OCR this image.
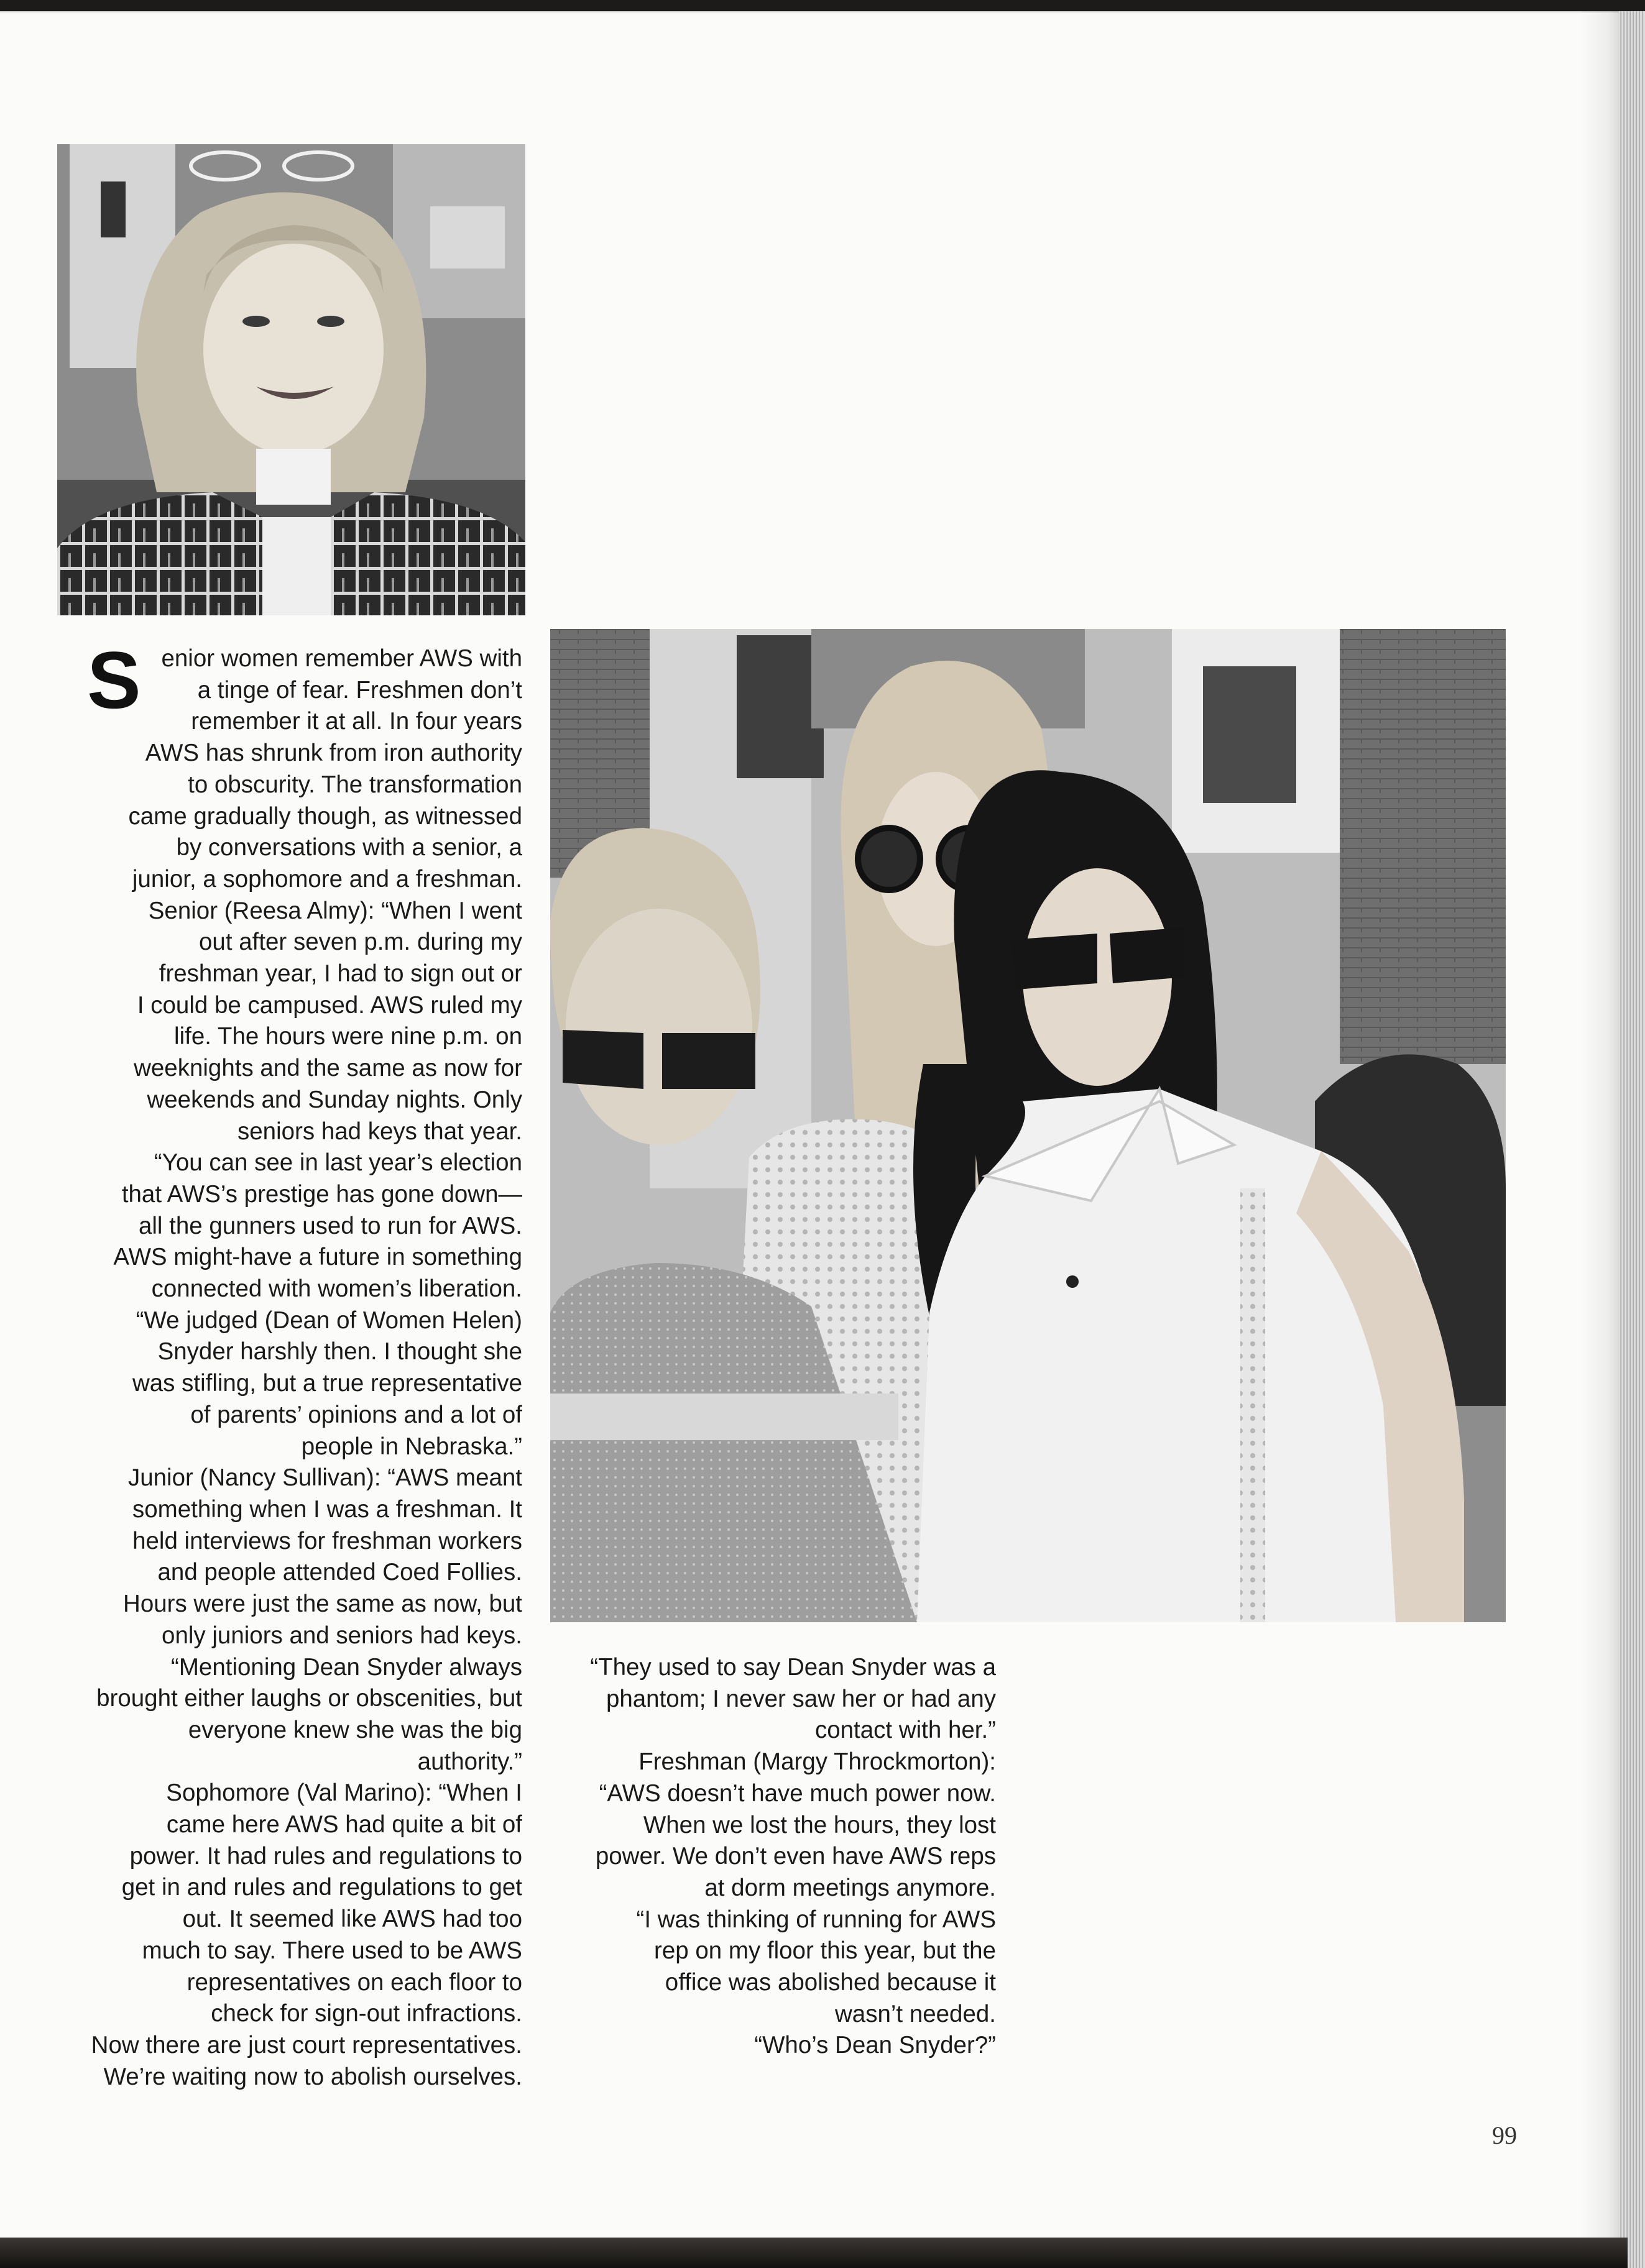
S enior women remember AWS with

a tinge of fear. Freshmen don’t

remember it at all. In four years

AWS has shrunk from iron authority

to obscurity. The transformation

came gradually though, as witnessed

by conversations with a senior, a

junior, a sophomore and a freshman.

Senior (Reesa Almy): “When I went

out after seven p.m. during my

freshman year, I had to sign out or

I could be campused. AWS ruled my

life. The hours were nine p.m. on

weeknights and the same as now for

weekends and Sunday nights. Only

seniors had keys that year.

“You can see in last year’s election

that AWS’s prestige has gone down—

all the gunners used to run for AWS.

AWS might-have a future in something

connected with women’s liberation.

“We judged (Dean of Women Helen)

Snyder harshly then. I thought she

was stifling, but a true representative

of parents’ opinions and a lot of

people in Nebraska.”

Junior (Nancy Sullivan): “AWS meant

something when I was a freshman. It

held interviews for freshman workers

and people attended Coed Follies.

Hours were just the same as now, but

only juniors and seniors had keys.

“Mentioning Dean Snyder always

brought either laughs or obscenities, but

everyone knew she was the big

authority.”

Sophomore (Val Marino): “When I

came here AWS had quite a bit of

power. It had rules and regulations to

get in and rules and regulations to get

out. It seemed like AWS had too

much to say. There used to be AWS

representatives on each floor to

check for sign-out infractions.

Now there are just court representatives.

We’re waiting now to abolish ourselves.

“They used to say Dean Snyder was a

phantom; I never saw her or had any

contact with her.”

Freshman (Margy Throckmorton):

“AWS doesn’t have much power now.

When we lost the hours, they lost

power. We don’t even have AWS reps

at dorm meetings anymore.

“I was thinking of running for AWS

rep on my floor this year, but the

office was abolished because it

wasn’t needed.

“Who’s Dean Snyder?”

99
